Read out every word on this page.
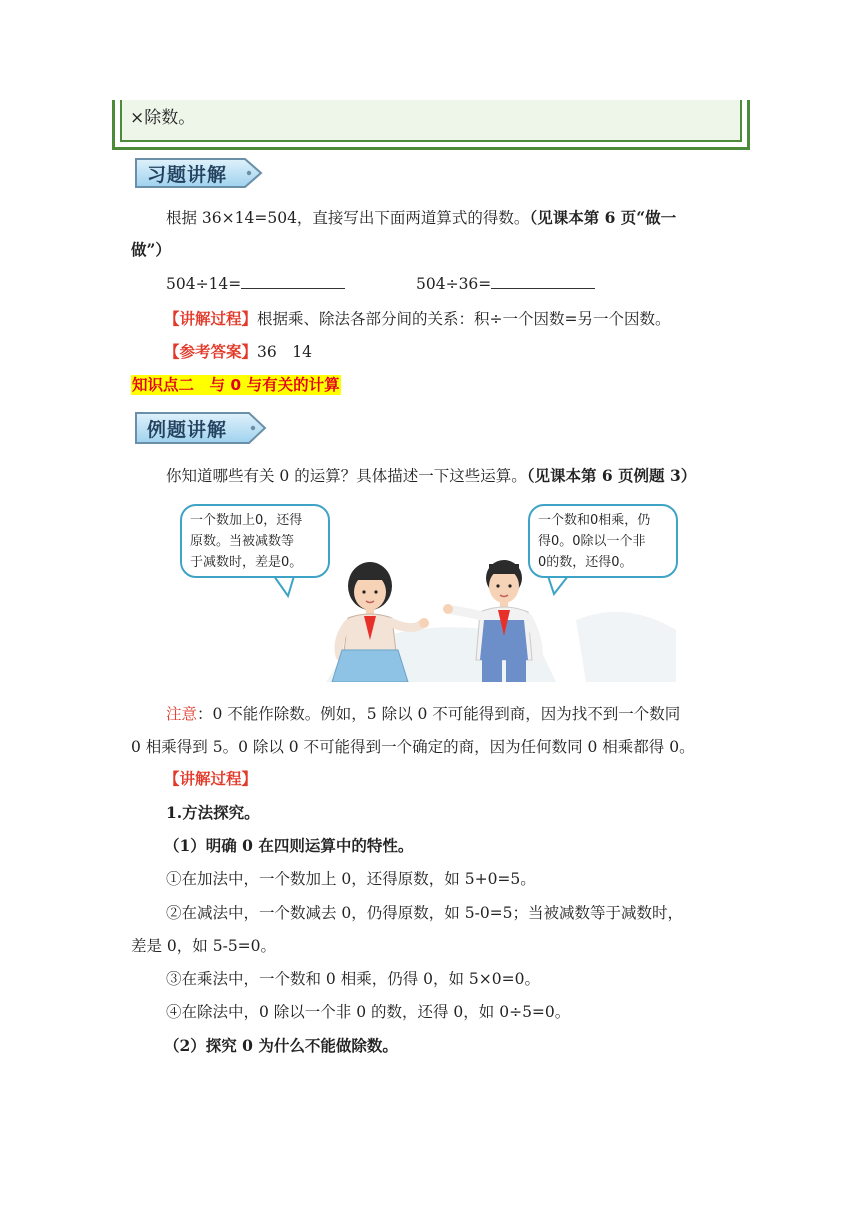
×除数。
习题讲解
根据 36×14=504，直接写出下面两道算式的得数。（见课本第 6 页“做一
做”）
504÷14=	504÷36=
【讲解过程】根据乘、除法各部分间的关系：积÷一个因数=另一个因数。
【参考答案】36　14
知识点二　与 0 与有关的计算
例题讲解
你知道哪些有关 0 的运算？具体描述一下这些运算。（见课本第 6 页例题 3）
一个数加上0，还得
原数。当被减数等
于减数时，差是0。
一个数和0相乘，仍
得0。0除以一个非
0的数，还得0。
注意：0 不能作除数。例如，5 除以 0 不可能得到商，因为找不到一个数同
0 相乘得到 5。0 除以 0 不可能得到一个确定的商，因为任何数同 0 相乘都得 0。
【讲解过程】
1.方法探究。
（1）明确 0 在四则运算中的特性。
①在加法中，一个数加上 0，还得原数，如 5+0=5。
②在减法中，一个数减去 0，仍得原数，如 5-0=5；当被减数等于减数时，
差是 0，如 5-5=0。
③在乘法中，一个数和 0 相乘，仍得 0，如 5×0=0。
④在除法中，0 除以一个非 0 的数，还得 0，如 0÷5=0。
（2）探究 0 为什么不能做除数。
